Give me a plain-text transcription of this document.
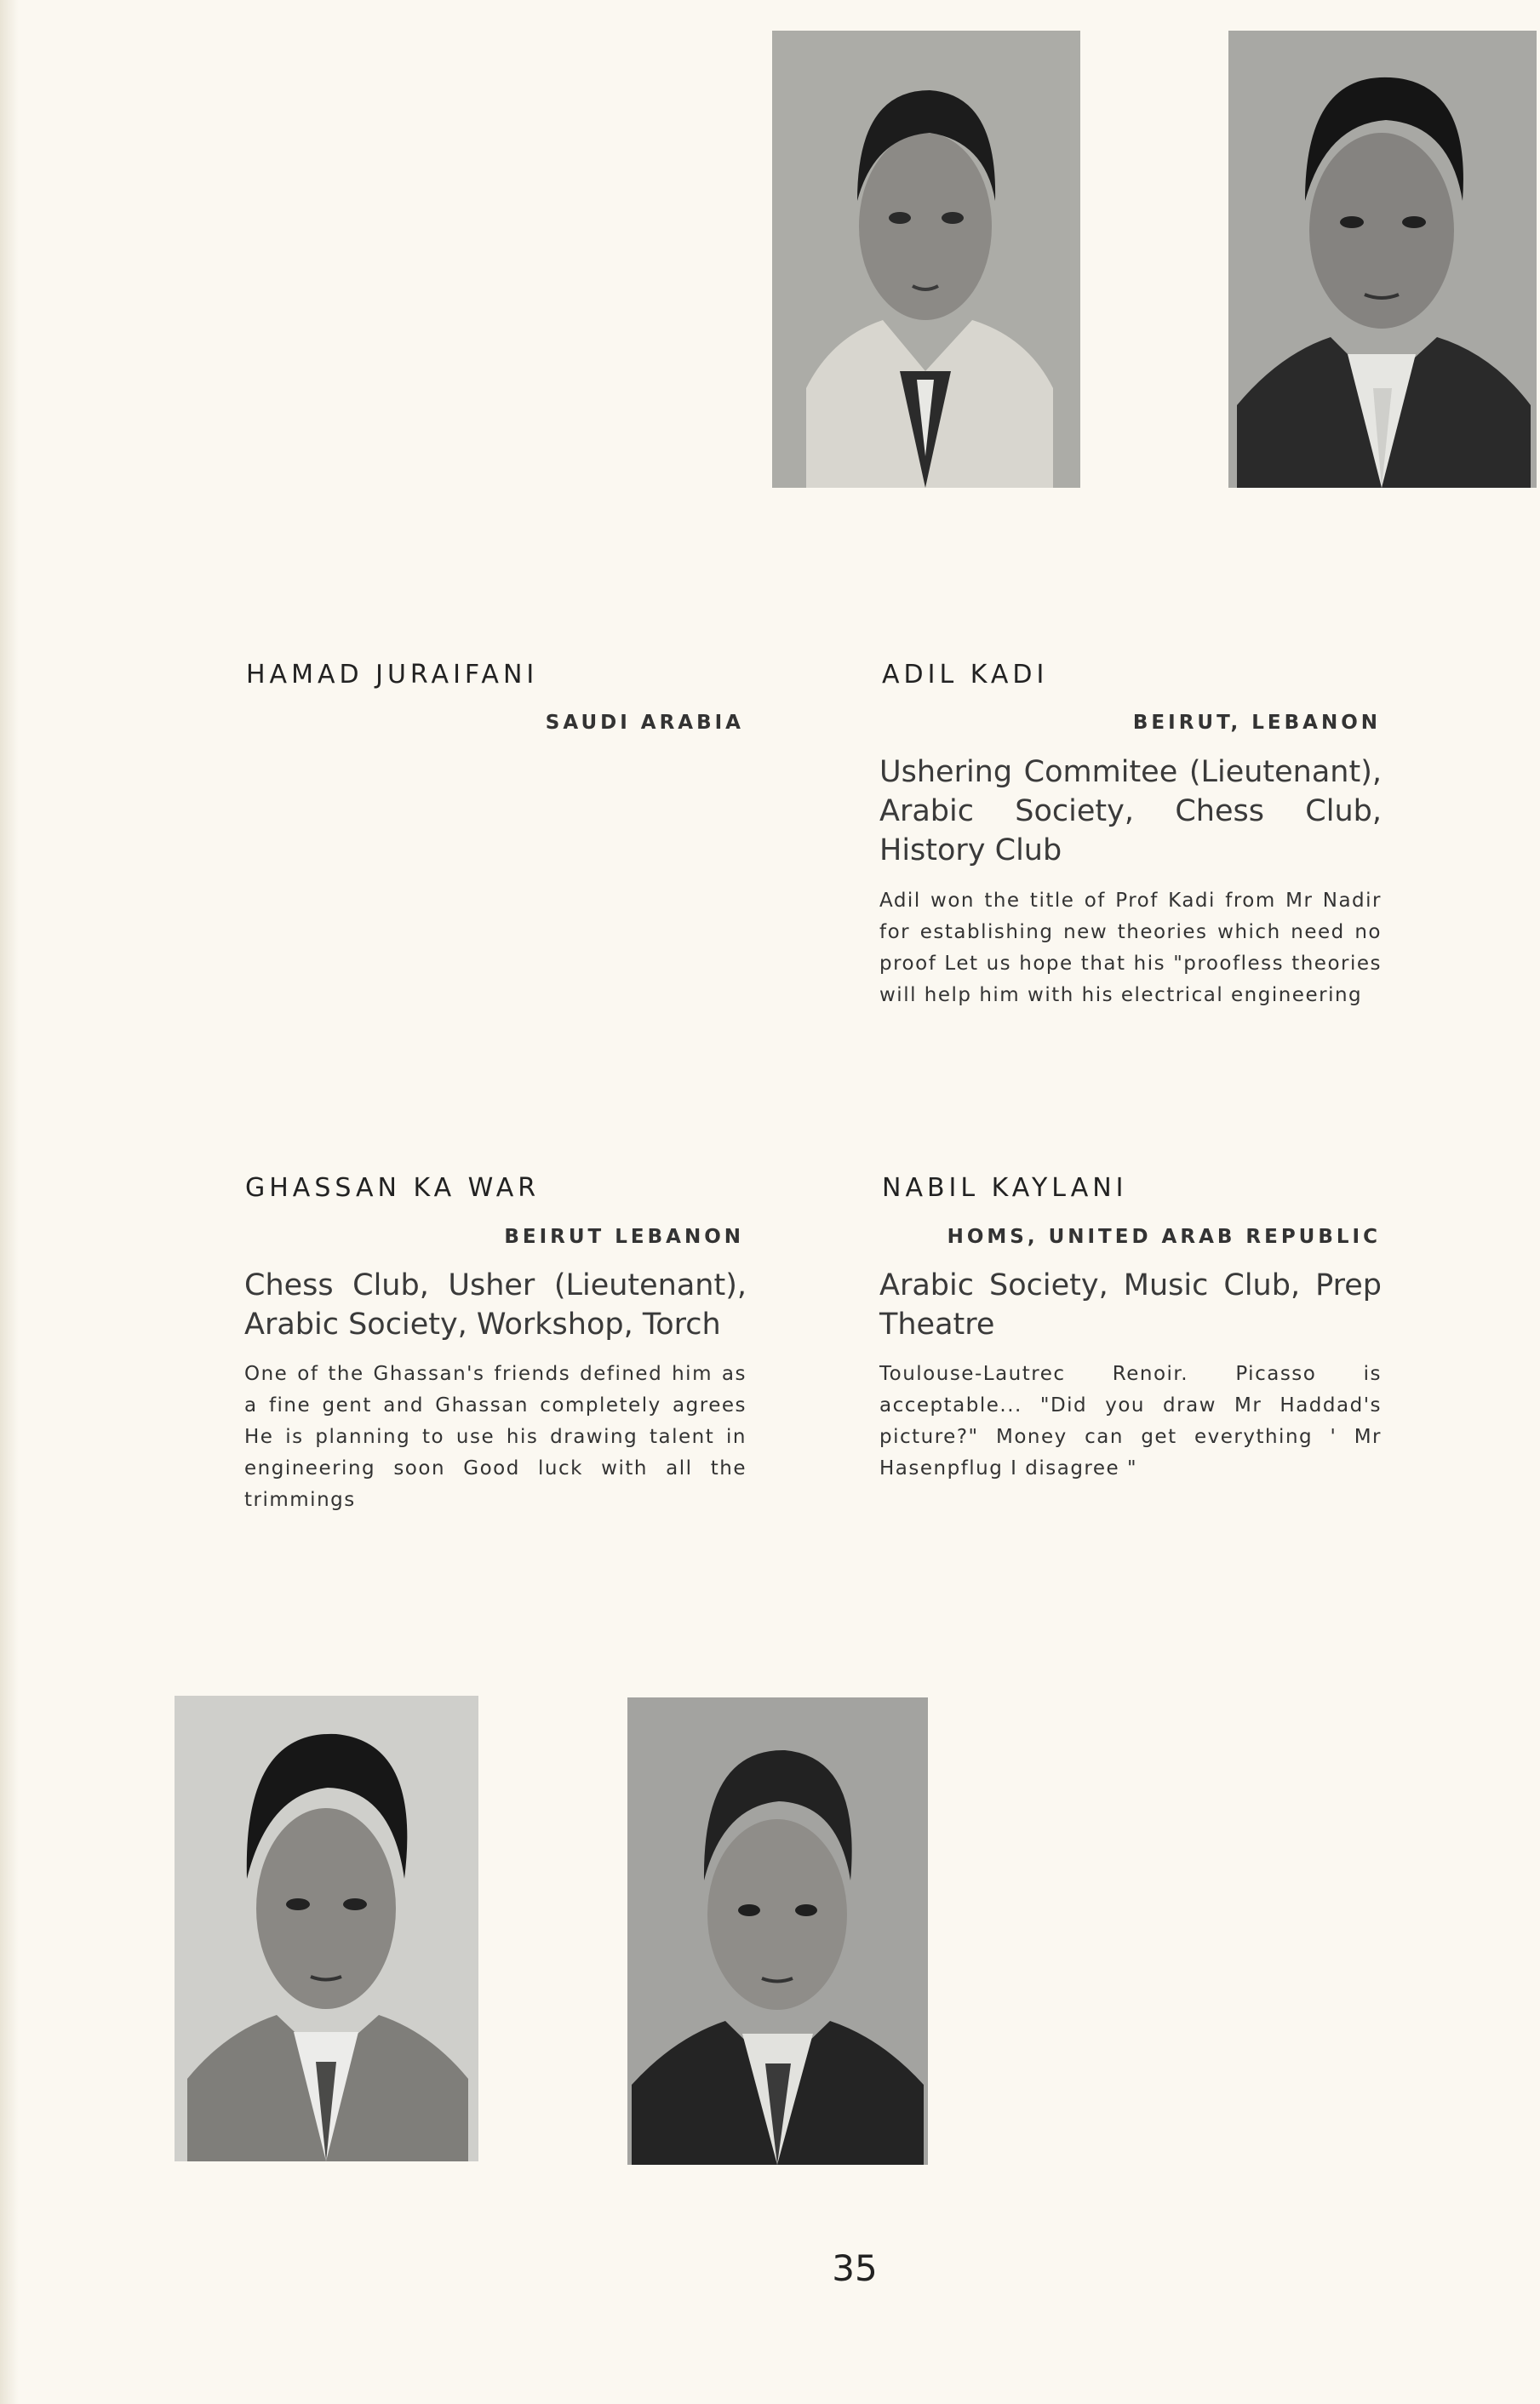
HAMAD JURAIFANI
SAUDI ARABIA
ADIL KADI
BEIRUT, LEBANON
Ushering Commitee (Lieutenant), Arabic Society, Chess Club, History Club
Adil won the title of Prof Kadi from Mr Nadir for establishing new theories which need no proof Let us hope that his "proofless theories will help him with his electrical engineering
GHASSAN KA WAR
BEIRUT LEBANON
Chess Club, Usher (Lieutenant), Arabic Society, Workshop, Torch
One of the Ghassan's friends defined him as a fine gent and Ghassan completely agrees He is planning to use his drawing talent in engineering soon Good luck with all the trimmings
NABIL KAYLANI
HOMS, UNITED ARAB REPUBLIC
Arabic Society, Music Club, Prep Theatre
Toulouse-Lautrec Renoir. Picasso is acceptable... "Did you draw Mr Haddad's picture?" Money can get everything ' Mr Hasenpflug I disagree "
35
